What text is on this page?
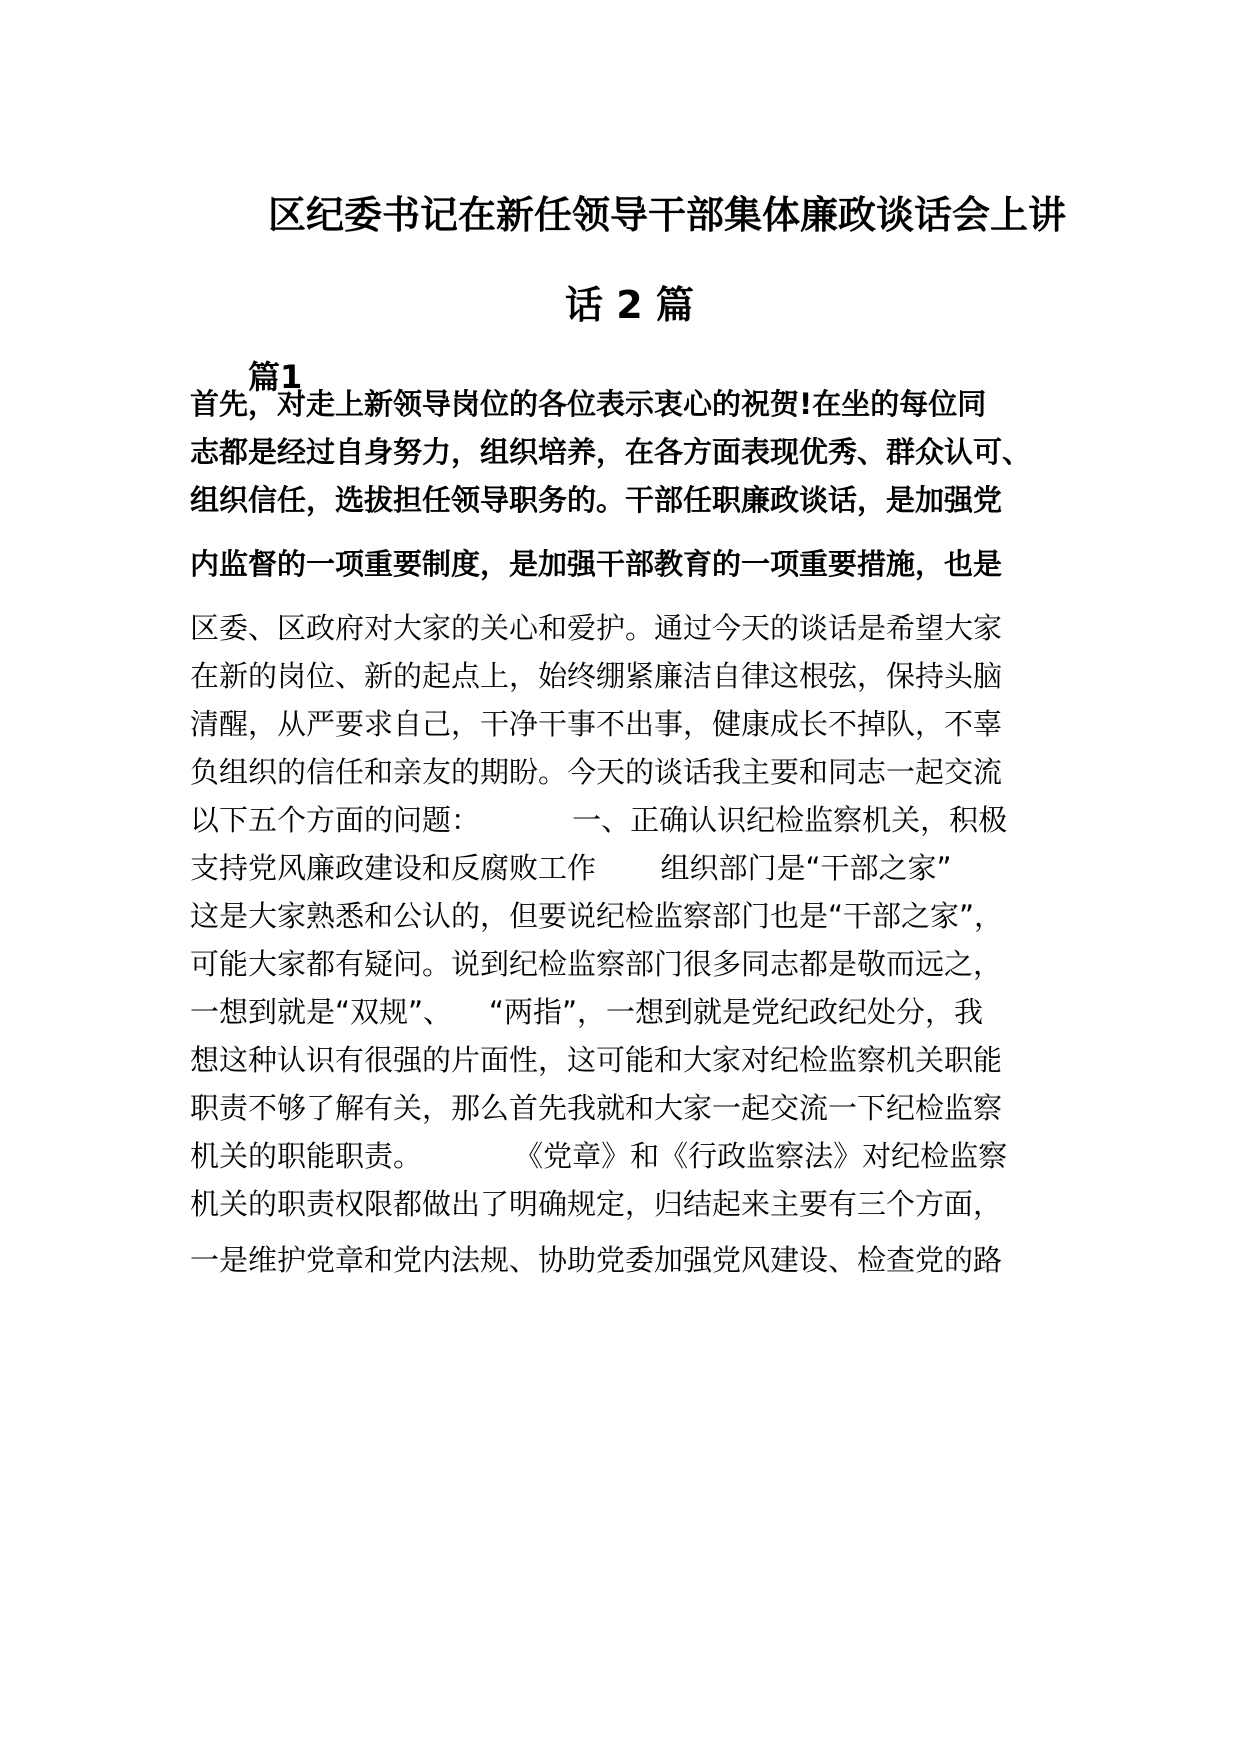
区纪委书记在新任领导干部集体廉政谈话会上讲
话 2 篇
篇1
首先，对走上新领导岗位的各位表示衷心的祝贺!在坐的每位同
志都是经过自身努力，组织培养，在各方面表现优秀、群众认可、
组织信任，选拔担任领导职务的。干部任职廉政谈话，是加强党
内监督的一项重要制度，是加强干部教育的一项重要措施，也是
区委、区政府对大家的关心和爱护。通过今天的谈话是希望大家
在新的岗位、新的起点上，始终绷紧廉洁自律这根弦，保持头脑
清醒，从严要求自己，干净干事不出事，健康成长不掉队，不辜
负组织的信任和亲友的期盼。今天的谈话我主要和同志一起交流
以下五个方面的问题：          一、正确认识纪检监察机关，积极
支持党风廉政建设和反腐败工作       组织部门是“干部之家”
这是大家熟悉和公认的，但要说纪检监察部门也是“干部之家”，
可能大家都有疑问。说到纪检监察部门很多同志都是敬而远之，
一想到就是“双规”、    “两指”，一想到就是党纪政纪处分，我
想这种认识有很强的片面性，这可能和大家对纪检监察机关职能
职责不够了解有关，那么首先我就和大家一起交流一下纪检监察
机关的职能职责。          《党章》和《行政监察法》对纪检监察
机关的职责权限都做出了明确规定，归结起来主要有三个方面，
一是维护党章和党内法规、协助党委加强党风建设、检查党的路
